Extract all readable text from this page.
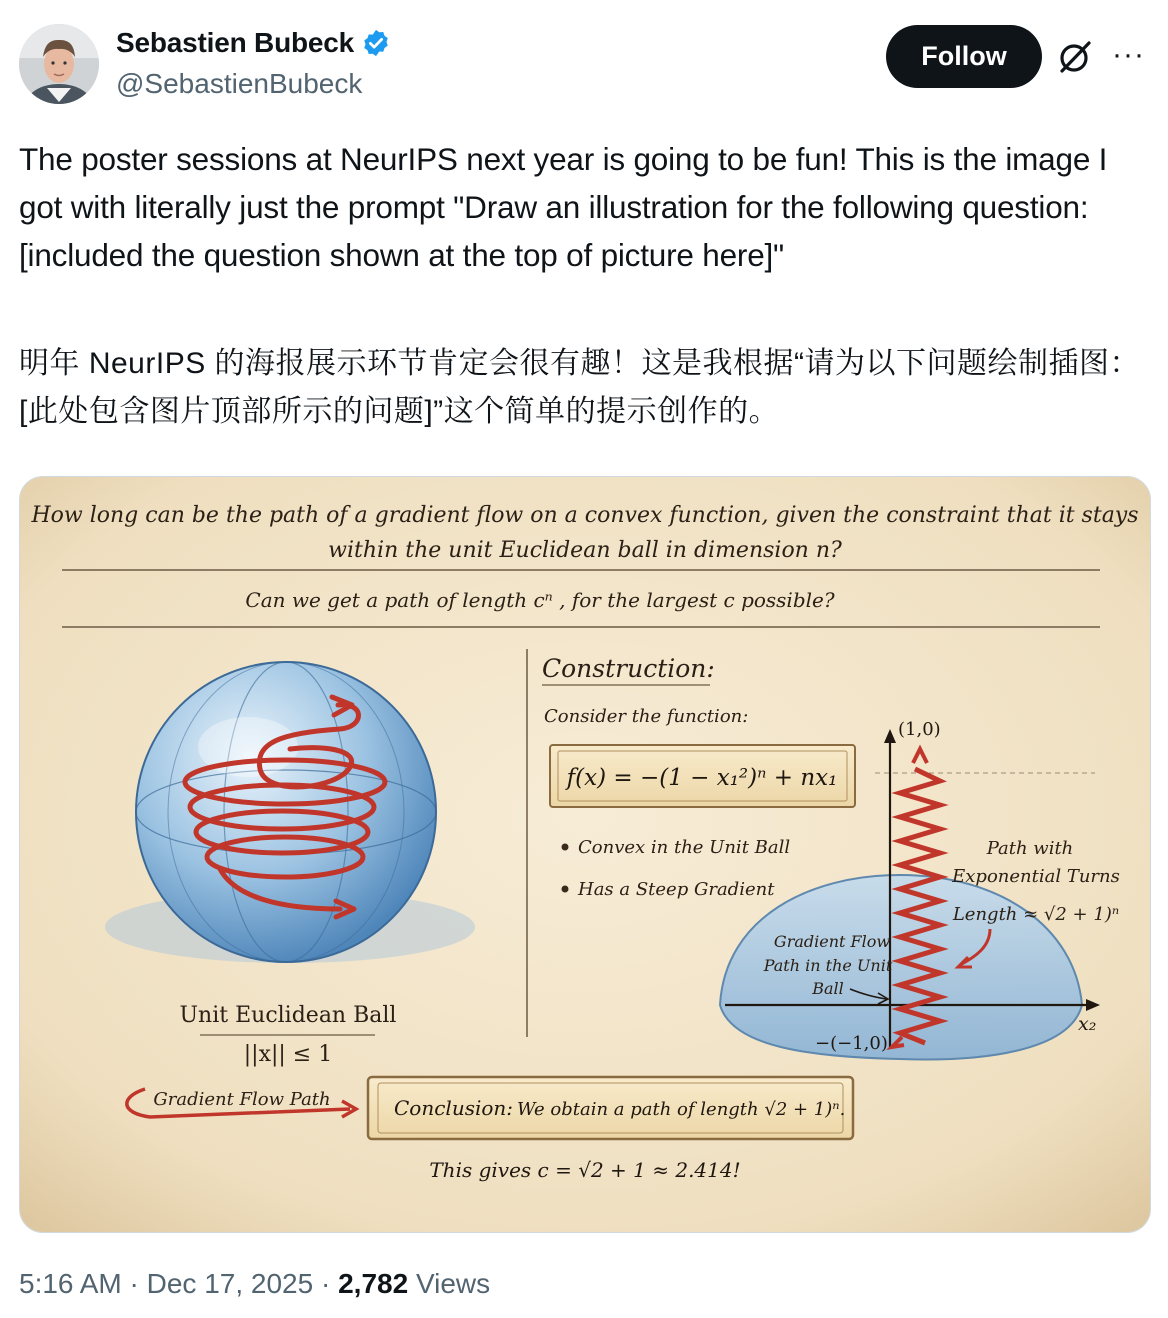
Sebastien Bubeck
@SebastienBubeck
Follow	···

The poster sessions at NeurIPS next year is going to be fun! This is the image I got with literally just the prompt "Draw an illustration for the following question: [included the question shown at the top of picture here]"

明年 NeurIPS 的海报展示环节肯定会很有趣！这是我根据“请为以下问题绘制插图：[此处包含图片顶部所示的问题]”这个简单的提示创作的。

How long can be the path of a gradient flow on a convex function, given the constraint that it stays
within the unit Euclidean ball in dimension n?
Can we get a path of length cⁿ , for the largest c possible?
Unit Euclidean Ball
||x|| ≤ 1
Gradient Flow Path
Construction:
Consider the function:
f(x) = −(1 − x₁²)ⁿ + nx₁
Convex in the Unit Ball
Has a Steep Gradient
(1,0)
x₂
−(−1,0)
Path with
Exponential Turns
Length ≈ √2 + 1)ⁿ
Gradient Flow
Path in the Unit
Ball
Conclusion: We obtain a path of length √2 + 1)ⁿ.
This gives c = √2 + 1 ≈ 2.414!
5:16 AM · Dec 17, 2025 · 2,782 Views
